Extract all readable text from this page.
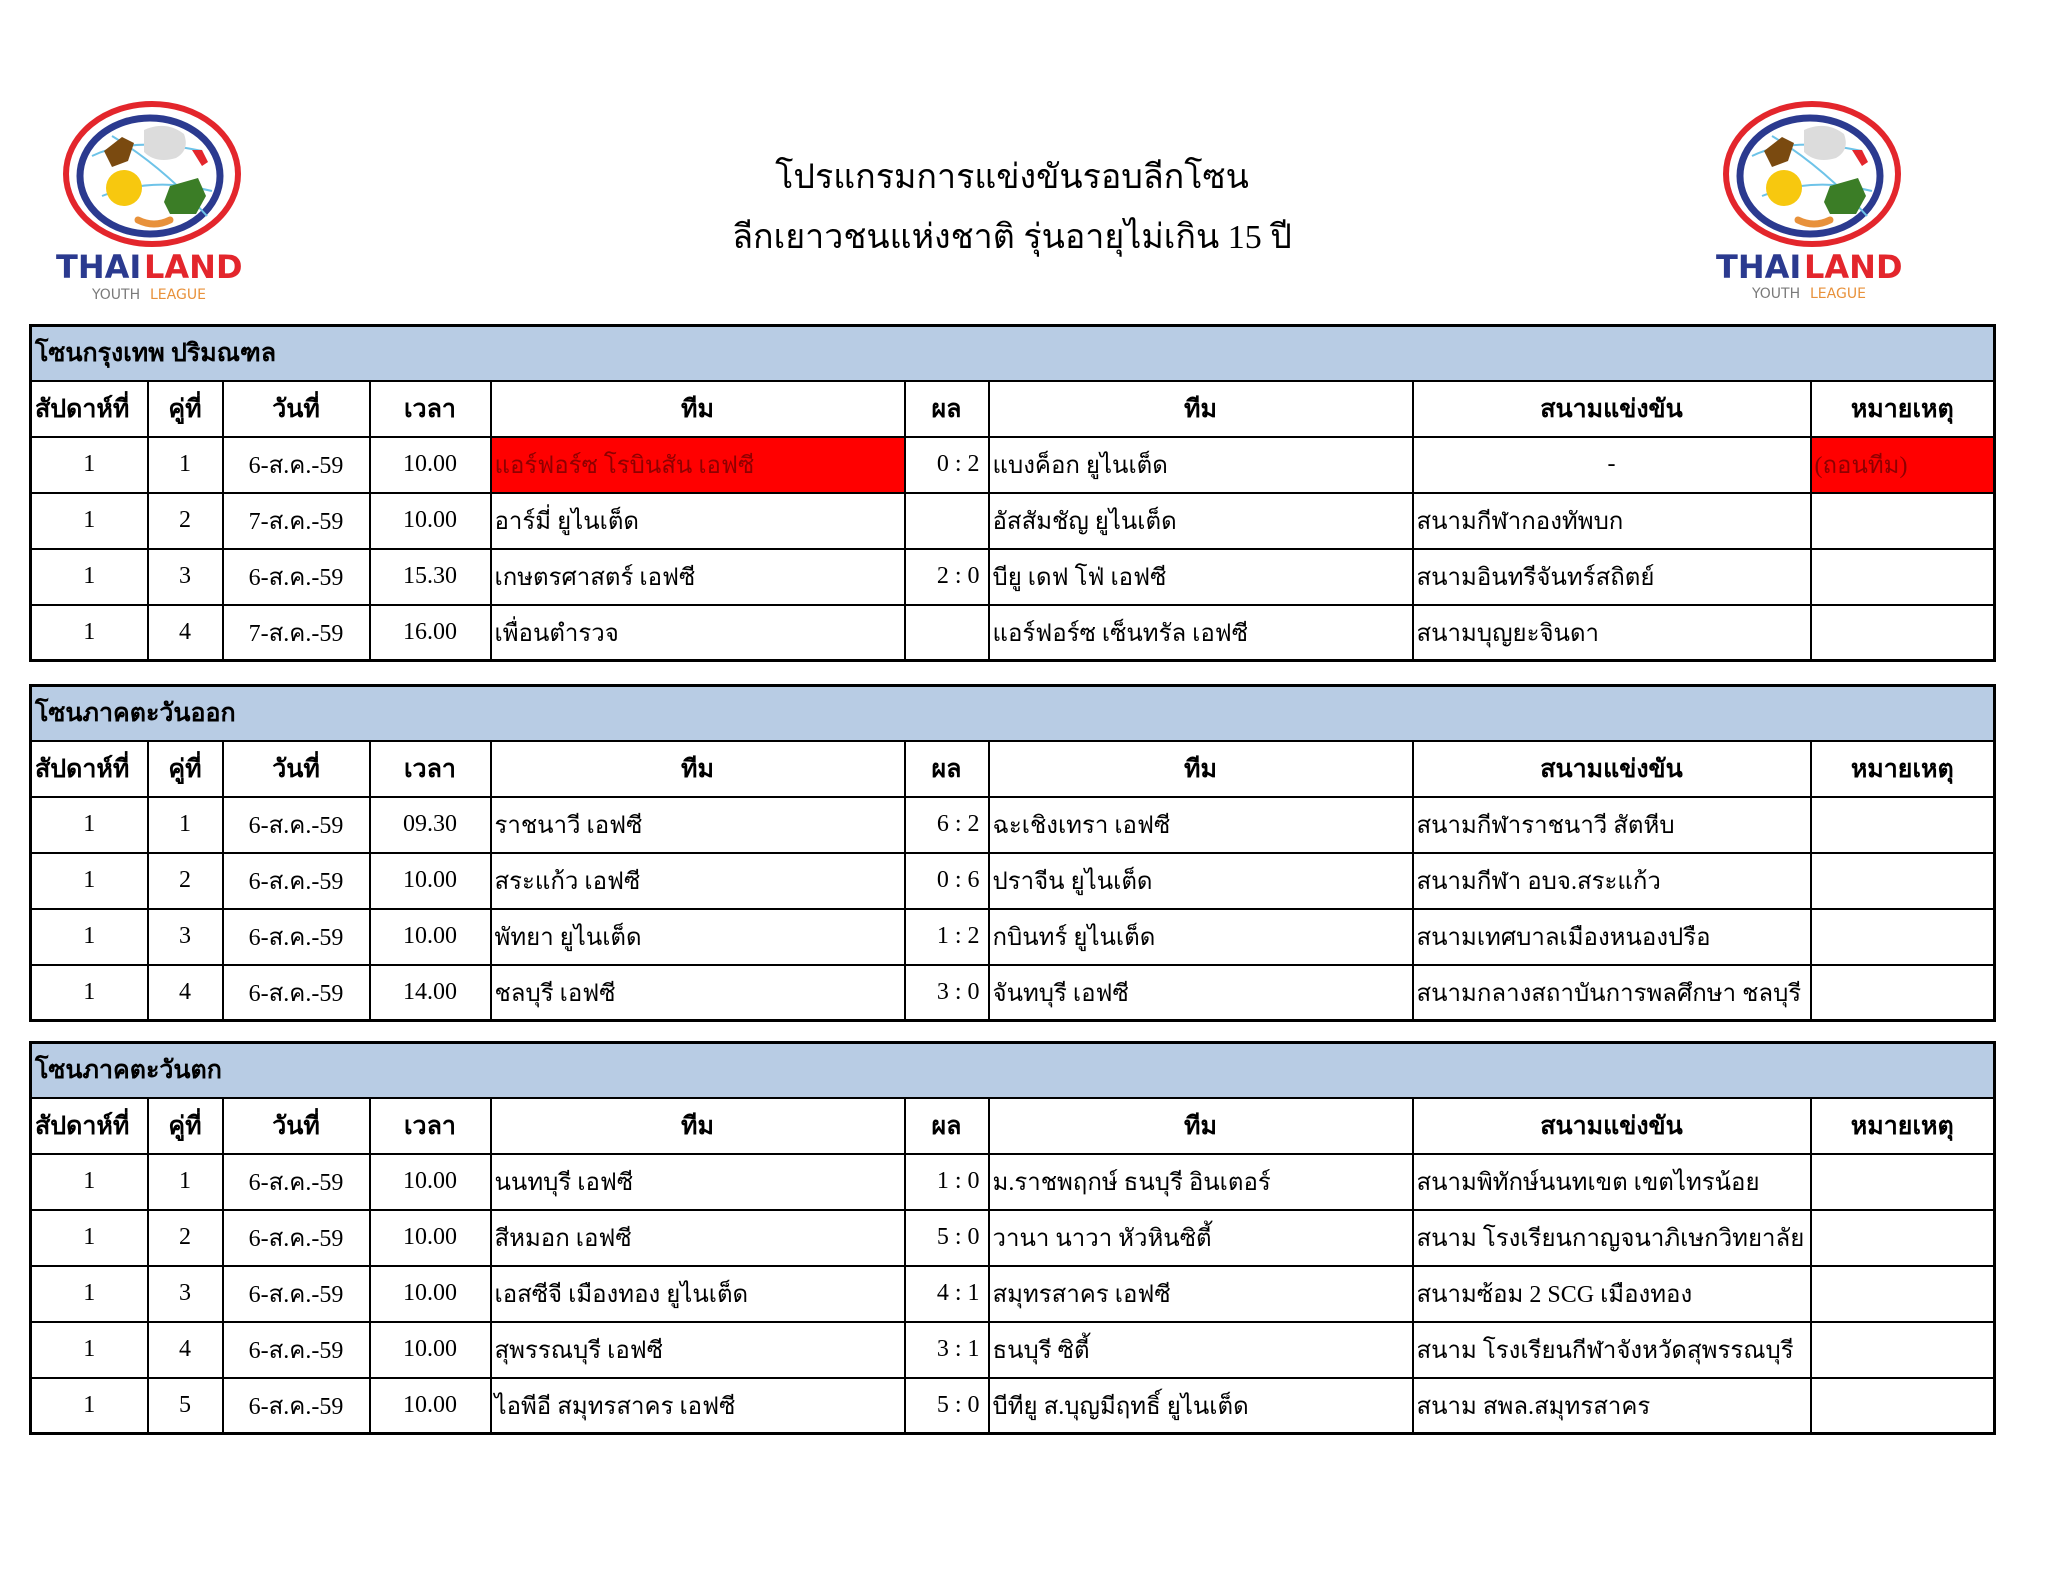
THAI LAND
YOUTH LEAGUE
THAI LAND
YOUTH LEAGUE
โปรแกรมการแข่งขันรอบลีกโซน
ลีกเยาวชนแห่งชาติ รุ่นอายุไม่เกิน 15 ปี
โซนกรุงเทพ ปริมณฑล								
สัปดาห์ที่	คู่ที่	วันที่	เวลา	ทีม	ผล	ทีม	สนามแข่งขัน	หมายเหตุ
1	1	6-ส.ค.-59	10.00	แอร์ฟอร์ซ โรบินสัน เอฟซี	0 : 2	แบงค็อก ยูไนเต็ด	-	(ถอนทีม)
1	2	7-ส.ค.-59	10.00	อาร์มี่ ยูไนเต็ด		อัสสัมชัญ ยูไนเต็ด	สนามกีฬากองทัพบก	
1	3	6-ส.ค.-59	15.30	เกษตรศาสตร์ เอฟซี	2 : 0	บียู เดฟ โฟ่ เอฟซี	สนามอินทรีจันทร์สถิตย์	
1	4	7-ส.ค.-59	16.00	เพื่อนตำรวจ		แอร์ฟอร์ซ เซ็นทรัล เอฟซี	สนามบุญยะจินดา	
โซนภาคตะวันออก								
สัปดาห์ที่	คู่ที่	วันที่	เวลา	ทีม	ผล	ทีม	สนามแข่งขัน	หมายเหตุ
1	1	6-ส.ค.-59	09.30	ราชนาวี เอฟซี	6 : 2	ฉะเชิงเทรา เอฟซี	สนามกีฬาราชนาวี สัตหีบ	
1	2	6-ส.ค.-59	10.00	สระแก้ว เอฟซี	0 : 6	ปราจีน ยูไนเต็ด	สนามกีฬา อบจ.สระแก้ว	
1	3	6-ส.ค.-59	10.00	พัทยา ยูไนเต็ด	1 : 2	กบินทร์ ยูไนเต็ด	สนามเทศบาลเมืองหนองปรือ	
1	4	6-ส.ค.-59	14.00	ชลบุรี เอฟซี	3 : 0	จันทบุรี เอฟซี	สนามกลางสถาบันการพลศึกษา ชลบุรี	
โซนภาคตะวันตก								
สัปดาห์ที่	คู่ที่	วันที่	เวลา	ทีม	ผล	ทีม	สนามแข่งขัน	หมายเหตุ
1	1	6-ส.ค.-59	10.00	นนทบุรี เอฟซี	1 : 0	ม.ราชพฤกษ์ ธนบุรี อินเตอร์	สนามพิทักษ์นนทเขต เขตไทรน้อย	
1	2	6-ส.ค.-59	10.00	สีหมอก เอฟซี	5 : 0	วานา นาวา หัวหินซิตี้	สนาม โรงเรียนกาญจนาภิเษกวิทยาลัย	
1	3	6-ส.ค.-59	10.00	เอสซีจี เมืองทอง ยูไนเต็ด	4 : 1	สมุทรสาคร เอฟซี	สนามซ้อม 2 SCG เมืองทอง	
1	4	6-ส.ค.-59	10.00	สุพรรณบุรี เอฟซี	3 : 1	ธนบุรี ซิตี้	สนาม โรงเรียนกีฬาจังหวัดสุพรรณบุรี	
1	5	6-ส.ค.-59	10.00	ไอพีอี สมุทรสาคร เอฟซี	5 : 0	บีทียู ส.บุญมีฤทธิ์ ยูไนเต็ด	สนาม สพล.สมุทรสาคร	
